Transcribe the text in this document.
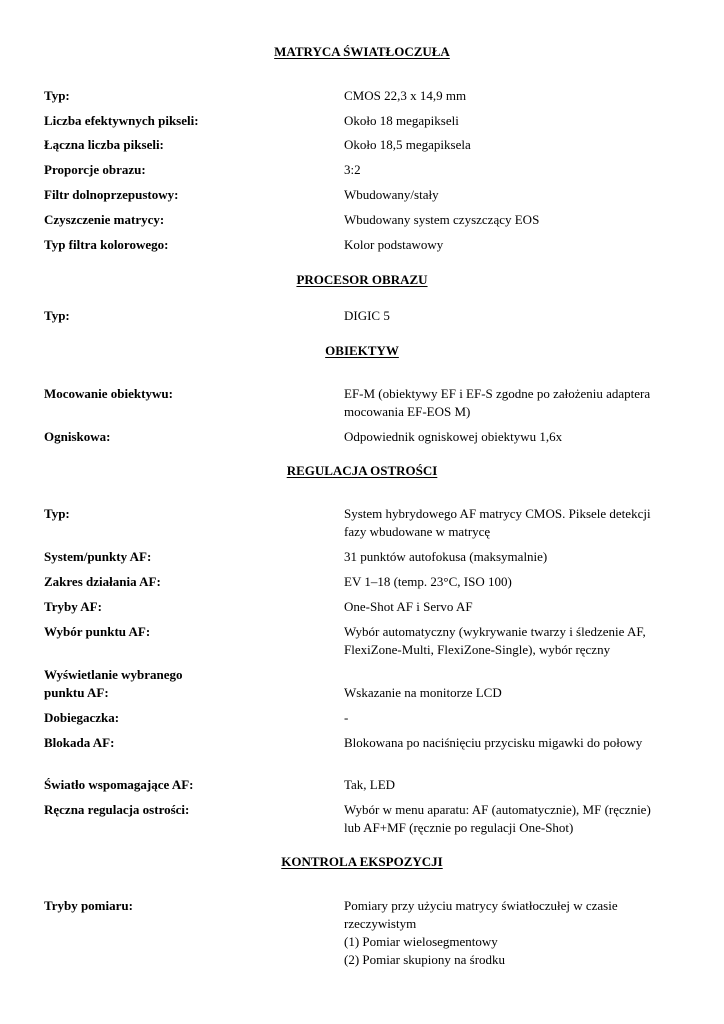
MATRYCA ŚWIATŁOCZUŁA
Typ:	CMOS 22,3 x 14,9 mm
Liczba efektywnych pikseli:	Około 18 megapikseli
Łączna liczba pikseli:	Około 18,5 megapiksela
Proporcje obrazu:	3:2
Filtr dolnoprzepustowy:	Wbudowany/stały
Czyszczenie matrycy:	Wbudowany system czyszczący EOS
Typ filtra kolorowego:	Kolor podstawowy
PROCESOR OBRAZU
Typ:	DIGIC 5
OBIEKTYW
Mocowanie obiektywu:	EF-M (obiektywy EF i EF-S zgodne po założeniu adaptera
mocowania EF-EOS M)
Ogniskowa:	Odpowiednik ogniskowej obiektywu 1,6x
REGULACJA OSTROŚCI
Typ:	System hybrydowego AF matrycy CMOS. Piksele detekcji
fazy wbudowane w matrycę
System/punkty AF:	31 punktów autofokusa (maksymalnie)
Zakres działania AF:	EV 1–18 (temp. 23°C, ISO 100)
Tryby AF:	One-Shot AF i Servo AF
Wybór punktu AF:	Wybór automatyczny (wykrywanie twarzy i śledzenie AF,
FlexiZone-Multi, FlexiZone-Single), wybór ręczny
Wyświetlanie wybranego
punktu AF:	Wskazanie na monitorze LCD
Dobiegaczka:	-
Blokada AF:	Blokowana po naciśnięciu przycisku migawki do połowy
Światło wspomagające AF:	Tak, LED
Ręczna regulacja ostrości:	Wybór w menu aparatu: AF (automatycznie), MF (ręcznie)
lub AF+MF (ręcznie po regulacji One-Shot)
KONTROLA EKSPOZYCJI
Tryby pomiaru:	Pomiary przy użyciu matrycy światłoczułej w czasie
rzeczywistym
(1) Pomiar wielosegmentowy
(2) Pomiar skupiony na środku
